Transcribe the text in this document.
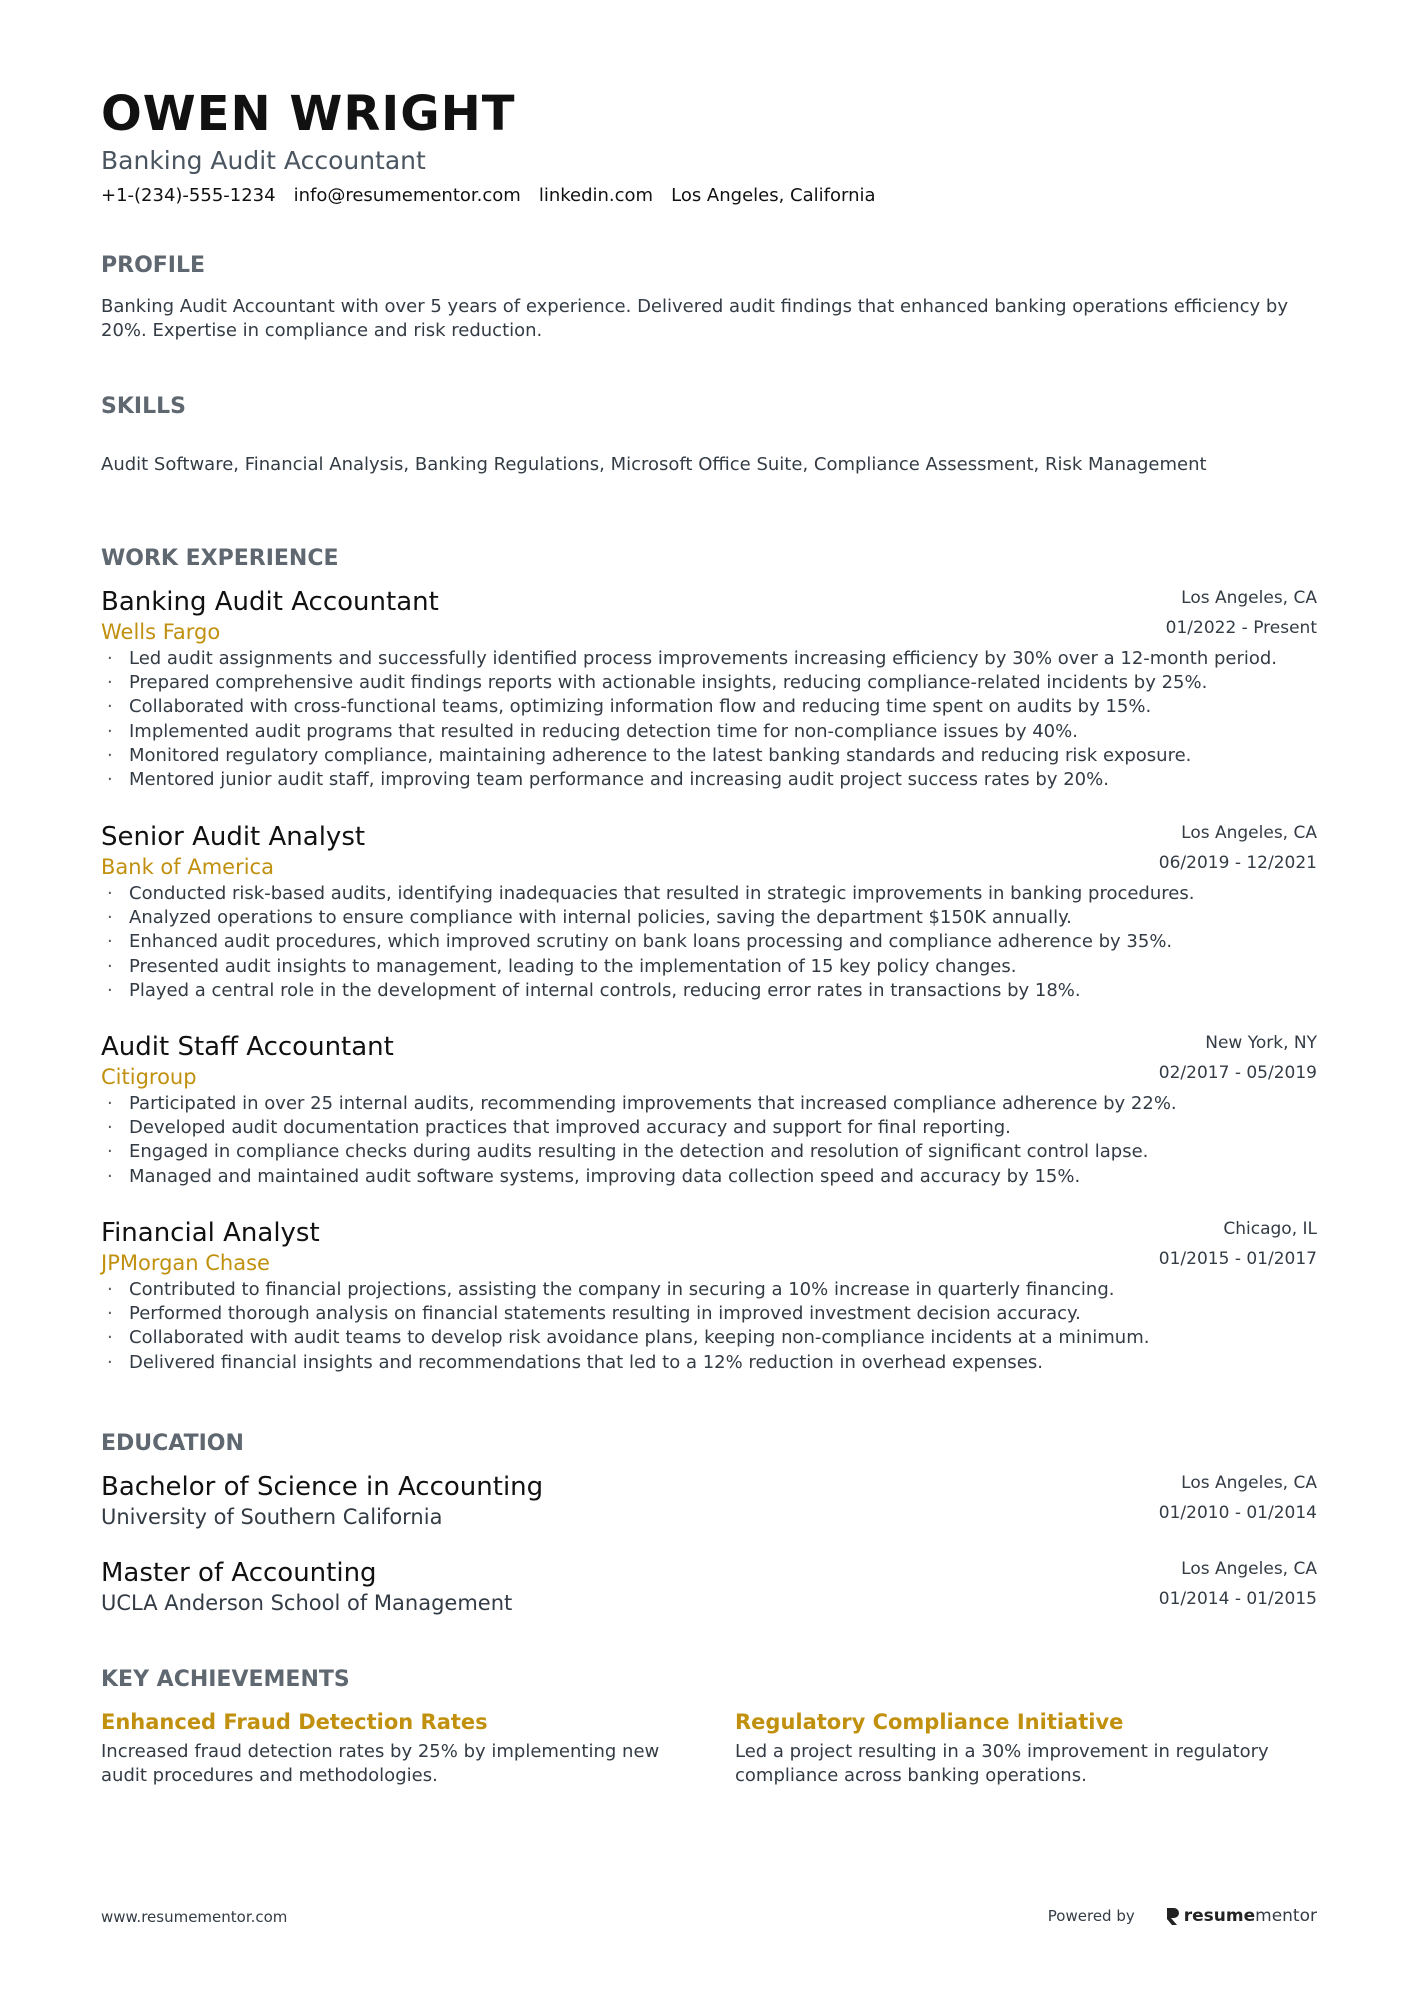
OWEN WRIGHT
Banking Audit Accountant
+1-(234)-555-1234 info@resumementor.com linkedin.com Los Angeles, California
PROFILE
Banking Audit Accountant with over 5 years of experience. Delivered audit findings that enhanced banking operations efficiency by 20%. Expertise in compliance and risk reduction.
SKILLS
Audit Software, Financial Analysis, Banking Regulations, Microsoft Office Suite, Compliance Assessment, Risk Management
WORK EXPERIENCE
Banking Audit Accountant
Wells Fargo
Los Angeles, CA
01/2022 - Present
· Led audit assignments and successfully identified process improvements increasing efficiency by 30% over a 12-month period.
· Prepared comprehensive audit findings reports with actionable insights, reducing compliance-related incidents by 25%.
· Collaborated with cross-functional teams, optimizing information flow and reducing time spent on audits by 15%.
· Implemented audit programs that resulted in reducing detection time for non-compliance issues by 40%.
· Monitored regulatory compliance, maintaining adherence to the latest banking standards and reducing risk exposure.
· Mentored junior audit staff, improving team performance and increasing audit project success rates by 20%.
Senior Audit Analyst
Bank of America
Los Angeles, CA
06/2019 - 12/2021
· Conducted risk-based audits, identifying inadequacies that resulted in strategic improvements in banking procedures.
· Analyzed operations to ensure compliance with internal policies, saving the department $150K annually.
· Enhanced audit procedures, which improved scrutiny on bank loans processing and compliance adherence by 35%.
· Presented audit insights to management, leading to the implementation of 15 key policy changes.
· Played a central role in the development of internal controls, reducing error rates in transactions by 18%.
Audit Staff Accountant
Citigroup
New York, NY
02/2017 - 05/2019
· Participated in over 25 internal audits, recommending improvements that increased compliance adherence by 22%.
· Developed audit documentation practices that improved accuracy and support for final reporting.
· Engaged in compliance checks during audits resulting in the detection and resolution of significant control lapse.
· Managed and maintained audit software systems, improving data collection speed and accuracy by 15%.
Financial Analyst
JPMorgan Chase
Chicago, IL
01/2015 - 01/2017
· Contributed to financial projections, assisting the company in securing a 10% increase in quarterly financing.
· Performed thorough analysis on financial statements resulting in improved investment decision accuracy.
· Collaborated with audit teams to develop risk avoidance plans, keeping non-compliance incidents at a minimum.
· Delivered financial insights and recommendations that led to a 12% reduction in overhead expenses.
EDUCATION
Bachelor of Science in Accounting
University of Southern California
Los Angeles, CA
01/2010 - 01/2014
Master of Accounting
UCLA Anderson School of Management
Los Angeles, CA
01/2014 - 01/2015
KEY ACHIEVEMENTS
Enhanced Fraud Detection Rates
Increased fraud detection rates by 25% by implementing new audit procedures and methodologies.
Regulatory Compliance Initiative
Led a project resulting in a 30% improvement in regulatory compliance across banking operations.
www.resumementor.com	Powered by	resume mentor
